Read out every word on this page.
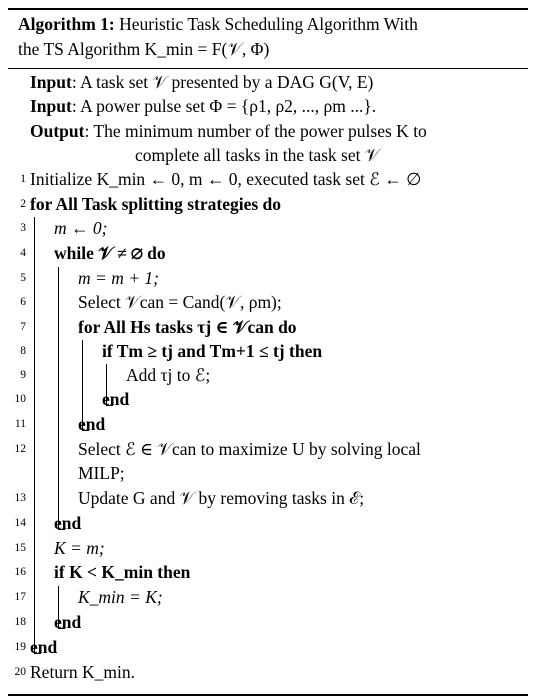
Algorithm 1: Heuristic Task Scheduling Algorithm With
the TS Algorithm K_min = F(𝒱, Φ)
Input: A task set 𝒱 presented by a DAG G(V, E)
Input: A power pulse set Φ = {ρ1, ρ2, ..., ρm ...}.
Output: The minimum number of the power pulses K to
complete all tasks in the task set 𝒱
1 Initialize K_min ← 0, m ← 0, executed task set ℰ ← ∅
2 for All Task splitting strategies do
3 m ← 0;
4 while 𝒱 ≠ ∅ do
5	m = m + 1;
6	Select 𝒱can = Cand(𝒱, ρm);
7	for All Hs tasks τj ∈ 𝒱can do
8	if Tm ≥ tj and Tm+1 ≤ tj then
9	Add τj to ℰ;
10	end
11	end
12	Select ℰ ∈ 𝒱can to maximize U by solving local
MILP;
13	Update G and 𝒱 by removing tasks in ℰ;
14 end
15 K = m;
16 if K < K_min then
17	K_min = K;
18 end
19 end
20 Return K_min.
